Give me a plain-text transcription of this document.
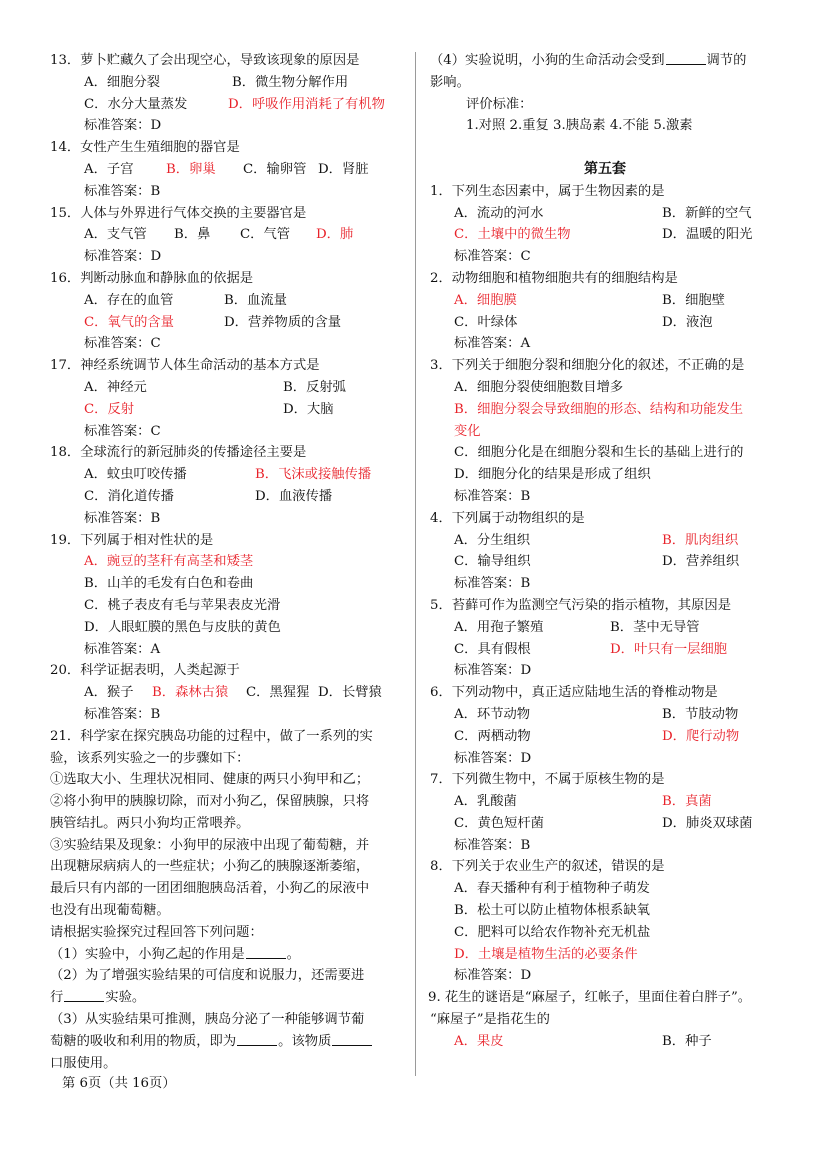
13．萝卜贮藏久了会出现空心，导致该现象的原因是
A．细胞分裂	B．微生物分解作用
C．水分大量蒸发	D．呼吸作用消耗了有机物
标准答案：D
14．女性产生生殖细胞的器官是
A．子宫 B．卵巢 C．输卵管 D．肾脏
标准答案：B
15．人体与外界进行气体交换的主要器官是
A．支气管 B．鼻 C．气管 D．肺
标准答案：D
16．判断动脉血和静脉血的依据是
A．存在的血管	B．血流量
C．氧气的含量	D．营养物质的含量
标准答案：C
17．神经系统调节人体生命活动的基本方式是
A．神经元	B．反射弧
C．反射	D．大脑
标准答案：C
18．全球流行的新冠肺炎的传播途径主要是
A．蚊虫叮咬传播	B．飞沫或接触传播
C．消化道传播	D．血液传播
标准答案：B
19．下列属于相对性状的是
A．豌豆的茎秆有高茎和矮茎
B．山羊的毛发有白色和卷曲
C．桃子表皮有毛与苹果表皮光滑
D．人眼虹膜的黑色与皮肤的黄色
标准答案：A
20．科学证据表明，人类起源于
A．猴子 B．森林古猿 C．黑猩猩 D．长臂猿
标准答案：B
21．科学家在探究胰岛功能的过程中，做了一系列的实
验，该系列实验之一的步骤如下：
①选取大小、生理状况相同、健康的两只小狗甲和乙；
②将小狗甲的胰腺切除，而对小狗乙，保留胰腺，只将
胰管结扎。两只小狗均正常喂养。
③实验结果及现象：小狗甲的尿液中出现了葡萄糖，并
出现糖尿病病人的一些症状；小狗乙的胰腺逐渐萎缩，
最后只有内部的一团团细胞胰岛活着，小狗乙的尿液中
也没有出现葡萄糖。
请根据实验探究过程回答下列问题：
（1）实验中，小狗乙起的作用是	。
（2）为了增强实验结果的可信度和说服力，还需要进
行	实验。
（3）从实验结果可推测，胰岛分泌了一种能够调节葡
萄糖的吸收和利用的物质，即为	。该物质
口服使用。
（4）实验说明，小狗的生命活动会受到	调节的
影响。
评价标准：
1.对照 2.重复 3.胰岛素 4.不能 5.激素
第五套
1．下列生态因素中，属于生物因素的是
A．流动的河水	B．新鲜的空气
C．土壤中的微生物	D．温暖的阳光
标准答案：C
2．动物细胞和植物细胞共有的细胞结构是
A．细胞膜	B．细胞壁
C．叶绿体	D．液泡
标准答案：A
3．下列关于细胞分裂和细胞分化的叙述，不正确的是
A．细胞分裂使细胞数目增多
B．细胞分裂会导致细胞的形态、结构和功能发生
变化
C．细胞分化是在细胞分裂和生长的基础上进行的
D．细胞分化的结果是形成了组织
标准答案：B
4．下列属于动物组织的是
A．分生组织	B．肌肉组织
C．输导组织	D．营养组织
标准答案：B
5．苔藓可作为监测空气污染的指示植物，其原因是
A．用孢子繁殖	B．茎中无导管
C．具有假根	D．叶只有一层细胞
标准答案：D
6．下列动物中，真正适应陆地生活的脊椎动物是
A．环节动物	B．节肢动物
C．两栖动物	D．爬行动物
标准答案：D
7．下列微生物中，不属于原核生物的是
A．乳酸菌	B．真菌
C．黄色短杆菌	D．肺炎双球菌
标准答案：B
8．下列关于农业生产的叙述，错误的是
A．春天播种有利于植物种子萌发
B．松土可以防止植物体根系缺氧
C．肥料可以给农作物补充无机盐
D．土壤是植物生活的必要条件
标准答案：D
9. 花生的谜语是“麻屋子，红帐子，里面住着白胖子”。
“麻屋子”是指花生的
A．果皮	B．种子
第 6页（共 16页）
